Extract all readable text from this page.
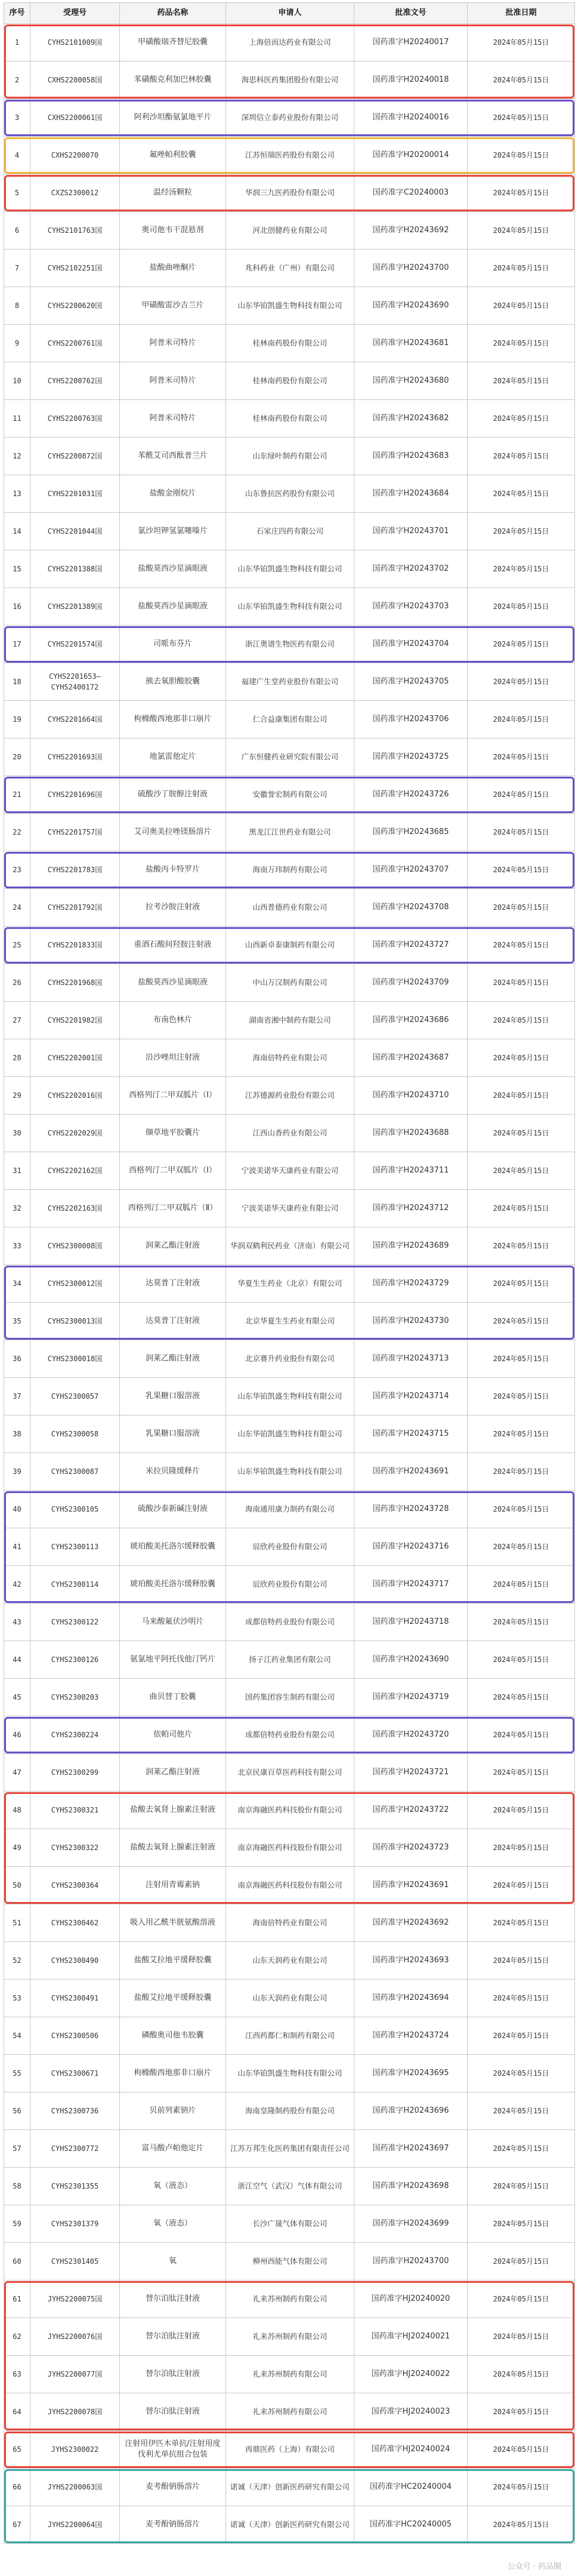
序号	受理号	药品名称	申请人	批准文号	批准日期
1	CYHS2101009国	甲磺酸瑞齐替尼胶囊	上海倍而达药业有限公司	国药准字H20240017	2024年05月15日
2	CXHS2200058国	苯磺酸克利加巴林胶囊	海思科医药集团股份有限公司	国药准字H20240018	2024年05月15日
3	CXHS2200061国	阿利沙坦酯氨氯地平片	深圳信立泰药业股份有限公司	国药准字H20240016	2024年05月15日
4	CXHS2200070	氟唑帕利胶囊	江苏恒瑞医药股份有限公司	国药准字H20200014	2024年05月15日
5	CXZS2300012	温经汤颗粒	华润三九医药股份有限公司	国药准字C20240003	2024年05月15日
6	CYHS2101763国	奥司他韦干混悬剂	河北创健药业有限公司	国药准字H20243692	2024年05月15日
7	CYHS2102251国	盐酸曲唑酮片	兆科药业（广州）有限公司	国药准字H20243700	2024年05月15日
8	CYHS2200620国	甲磺酸雷沙吉兰片	山东华铂凯盛生物科技有限公司	国药准字H20243690	2024年05月15日
9	CYHS2200761国	阿普米司特片	桂林南药股份有限公司	国药准字H20243681	2024年05月15日
10	CYHS2200762国	阿普米司特片	桂林南药股份有限公司	国药准字H20243680	2024年05月15日
11	CYHS2200763国	阿普米司特片	桂林南药股份有限公司	国药准字H20243682	2024年05月15日
12	CYHS2200872国	苯酰艾司西酞普兰片	山东绿叶制药有限公司	国药准字H20243683	2024年05月15日
13	CYHS2201031国	盐酸金刚烷片	山东鲁抗医药股份有限公司	国药准字H20243684	2024年05月15日
14	CYHS2201044国	氯沙坦钾氢氯噻嗪片	石家庄四药有限公司	国药准字H20243701	2024年05月15日
15	CYHS2201388国	盐酸莫西沙星滴眼液	山东华铂凯盛生物科技有限公司	国药准字H20243702	2024年05月15日
16	CYHS2201389国	盐酸莫西沙星滴眼液	山东华铂凯盛生物科技有限公司	国药准字H20243703	2024年05月15日
17	CYHS2201574国	司哌布芬片	浙江奥谱生物医药有限公司	国药准字H20243704	2024年05月15日
18	CYHS2201653—CYHS2400172	熊去氧胆酸胶囊	福建广生堂药业股份有限公司	国药准字H20243705	2024年05月15日
19	CYHS2201664国	枸橼酸西地那非口崩片	仁合益康集团有限公司	国药准字H20243706	2024年05月15日
20	CYHS2201693国	地氯雷他定片	广东恒健药业研究院有限公司	国药准字H20243725	2024年05月15日
21	CYHS2201696国	硫酸沙丁胺醇注射液	安徽誉宏制药有限公司	国药准字H20243726	2024年05月15日
22	CYHS2201757国	艾司奥美拉唑镁肠溶片	黑龙江江世药业有限公司	国药准字H20243685	2024年05月15日
23	CYHS2201783国	盐酸丙卡特罗片	海南万玮制药有限公司	国药准字H20243707	2024年05月15日
24	CYHS2201792国	拉考沙胺注射液	山西普德药业有限公司	国药准字H20243708	2024年05月15日
25	CYHS2201833国	重酒石酸间羟胺注射液	山西新卓泰康制药有限公司	国药准字H20243727	2024年05月15日
26	CYHS2201968国	盐酸莫西沙星滴眼液	中山万汉制药有限公司	国药准字H20243709	2024年05月15日
27	CYHS2201982国	布南色林片	湖南省湘中制药有限公司	国药准字H20243686	2024年05月15日
28	CYHS2202001国	沿沙唑坦注射液	海南倍特药业有限公司	国药准字H20243687	2024年05月15日
29	CYHS2202016国	西格列汀二甲双胍片（Ⅰ）	江苏德源药业股份有限公司	国药准字H20243710	2024年05月15日
30	CYHS2202029国	缬草地平胶囊片	江西山香药业有限公司	国药准字H20243688	2024年05月15日
31	CYHS2202162国	西格列汀二甲双胍片（Ⅰ）	宁波美诺华天康药业有限公司	国药准字H20243711	2024年05月15日
32	CYHS2202163国	西格列汀二甲双胍片（Ⅱ）	宁波美诺华天康药业有限公司	国药准字H20243712	2024年05月15日
33	CYHS2300008国	润莱乙酯注射液	华润双鹤利民药业（济南）有限公司	国药准字H20243689	2024年05月15日
34	CYHS2300012国	达莫普丁注射液	华夏生生药业（北京）有限公司	国药准字H20243729	2024年05月15日
35	CYHS2300013国	达莫普丁注射液	北京华夏生生药业有限公司	国药准字H20243730	2024年05月15日
36	CYHS2300018国	润莱乙酯注射液	北京赛升药业股份有限公司	国药准字H20243713	2024年05月15日
37	CYHS2300057	乳果糖口服溶液	山东华铂凯盛生物科技有限公司	国药准字H20243714	2024年05月15日
38	CYHS2300058	乳果糖口服溶液	山东华铂凯盛生物科技有限公司	国药准字H20243715	2024年05月15日
39	CYHS2300087	米拉贝隆缓释片	山东华铂凯盛生物科技有限公司	国药准字H20243691	2024年05月15日
40	CYHS2300105	硫酸沙泰新碱注射液	海南通用康力制药有限公司	国药准字H20243728	2024年05月15日
41	CYHS2300113	琥珀酸美托洛尔缓释胶囊	辰欣药业股份有限公司	国药准字H20243716	2024年05月15日
42	CYHS2300114	琥珀酸美托洛尔缓释胶囊	辰欣药业股份有限公司	国药准字H20243717	2024年05月15日
43	CYHS2300122	马来酸氟伏沙明片	成都倍特药业股份有限公司	国药准字H20243718	2024年05月15日
44	CYHS2300126	氨氯地平阿托伐他汀钙片	扬子江药业集团有限公司	国药准字H20243690	2024年05月15日
45	CYHS2300203	曲贝替丁胶囊	国药集团容生制药有限公司	国药准字H20243719	2024年05月15日
46	CYHS2300224	依帕司他片	成都倍特药业股份有限公司	国药准字H20243720	2024年05月15日
47	CYHS2300299	润莱乙酯注射液	北京民康百草医药科技有限公司	国药准字H20243721	2024年05月15日
48	CYHS2300321	盐酸去氧肾上腺素注射液	南京海融医药科技股份有限公司	国药准字H20243722	2024年05月15日
49	CYHS2300322	盐酸去氧肾上腺素注射液	南京海融医药科技股份有限公司	国药准字H20243723	2024年05月15日
50	CYHS2300364	注射用青霉素钠	南京海融医药科技股份有限公司	国药准字H20243691	2024年05月15日
51	CYHS2300462	吸入用乙酰半胱氨酸溶液	海南倍特药业有限公司	国药准字H20243692	2024年05月15日
52	CYHS2300490	盐酸艾拉地平缓释胶囊	山东天润药业有限公司	国药准字H20243693	2024年05月15日
53	CYHS2300491	盐酸艾拉地平缓释胶囊	山东天润药业有限公司	国药准字H20243694	2024年05月15日
54	CYHS2300506	磷酸奥司他韦胶囊	江西药都仁和制药有限公司	国药准字H20243724	2024年05月15日
55	CYHS2300671	枸橼酸西地那非口崩片	山东华铂凯盛生物科技有限公司	国药准字H20243695	2024年05月15日
56	CYHS2300736	贝前列素钠片	海南皇隆制药股份有限公司	国药准字H20243696	2024年05月15日
57	CYHS2300772	富马酸卢帕他定片	江苏万邦生化医药集团有限责任公司	国药准字H20243697	2024年05月15日
58	CYHS2301355	氧（液态）	浙江空气（武汉）气体有限公司	国药准字H20243698	2024年05月15日
59	CYHS2301379	氧（液态）	长沙广晟气体有限公司	国药准字H20243699	2024年05月15日
60	CYHS2301405	氧	柳州西能气体有限公司	国药准字H20243700	2024年05月15日
61	JYHS2200075国	替尔泊肽注射液	礼来苏州制药有限公司	国药准字HJ20240020	2024年05月15日
62	JYHS2200076国	替尔泊肽注射液	礼来苏州制药有限公司	国药准字HJ20240021	2024年05月15日
63	JYHS2200077国	替尔泊肽注射液	礼来苏州制药有限公司	国药准字HJ20240022	2024年05月15日
64	JYHS2200078国	替尔泊肽注射液	礼来苏州制药有限公司	国药准字HJ20240023	2024年05月15日
65	JYHS2300022	注射用伊匹木单抗/注射用度伐利尤单抗组合包装	再鼎医药（上海）有限公司	国药准字HJ20240024	2024年05月15日
66	JYHS2200063国	麦考酚钠肠溶片	诺诚（天津）创新医药研究有限公司	国药准字HC20240004	2024年05月15日
67	JYHS2200064国	麦考酚钠肠溶片	诺诚（天津）创新医药研究有限公司	国药准字HC20240005	2024年05月15日
公众号 · 药品圈
